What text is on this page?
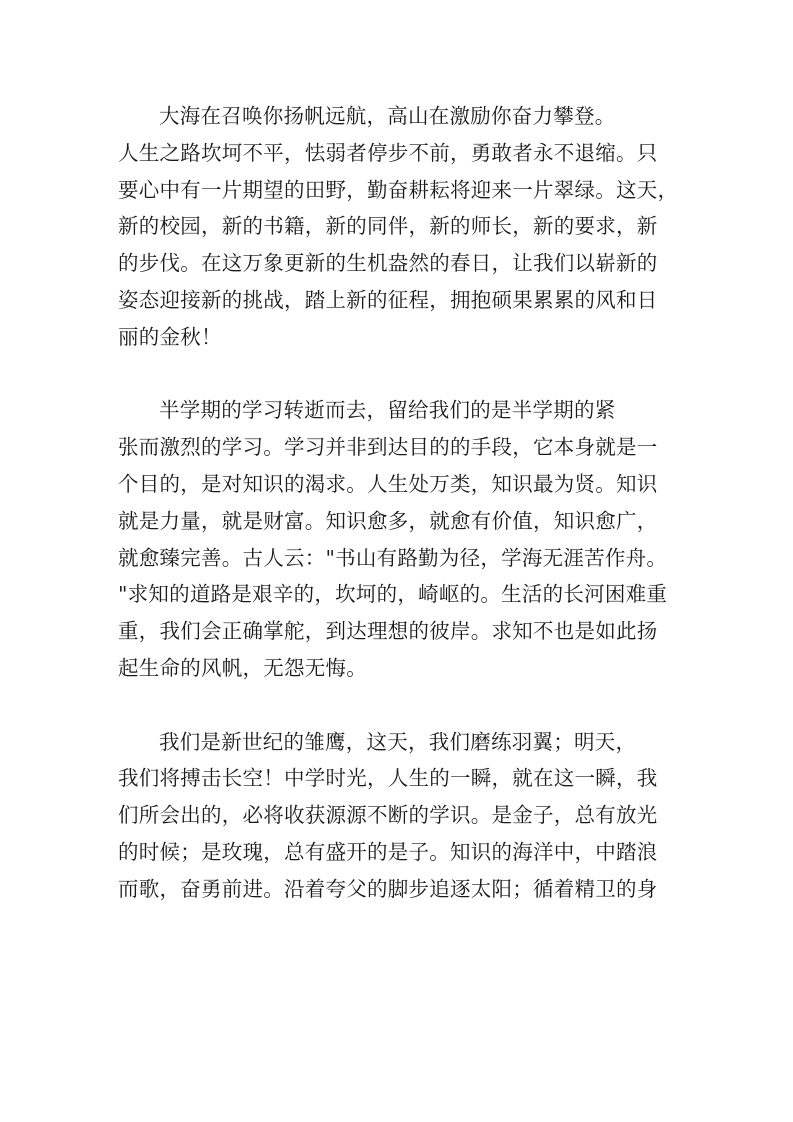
大海在召唤你扬帆远航，高山在激励你奋力攀登。
人生之路坎坷不平，怯弱者停步不前，勇敢者永不退缩。只
要心中有一片期望的田野，勤奋耕耘将迎来一片翠绿。这天，
新的校园，新的书籍，新的同伴，新的师长，新的要求，新
的步伐。在这万象更新的生机盎然的春日，让我们以崭新的
姿态迎接新的挑战，踏上新的征程，拥抱硕果累累的风和日
丽的金秋！

半学期的学习转逝而去，留给我们的是半学期的紧
张而激烈的学习。学习并非到达目的的手段，它本身就是一
个目的，是对知识的渴求。人生处万类，知识最为贤。知识
就是力量，就是财富。知识愈多，就愈有价值，知识愈广，
就愈臻完善。古人云："书山有路勤为径，学海无涯苦作舟。
"求知的道路是艰辛的，坎坷的，崎岖的。生活的长河困难重
重，我们会正确掌舵，到达理想的彼岸。求知不也是如此扬
起生命的风帆，无怨无悔。

我们是新世纪的雏鹰，这天，我们磨练羽翼；明天，
我们将搏击长空！中学时光，人生的一瞬，就在这一瞬，我
们所会出的，必将收获源源不断的学识。是金子，总有放光
的时候；是玫瑰，总有盛开的是子。知识的海洋中，中踏浪
而歌，奋勇前进。沿着夸父的脚步追逐太阳；循着精卫的身
